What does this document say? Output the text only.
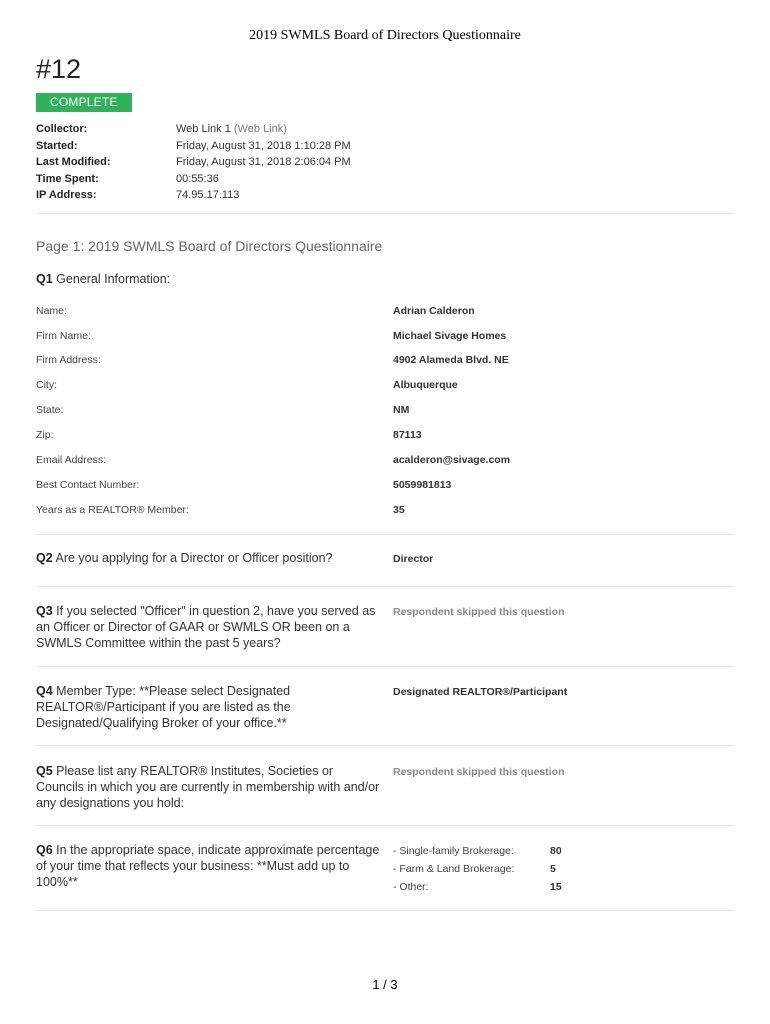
2019 SWMLS Board of Directors Questionnaire
#12
COMPLETE
Collector:	Web Link 1 (Web Link)
Started:	Friday, August 31, 2018 1:10:28 PM
Last Modified:	Friday, August 31, 2018 2:06:04 PM
Time Spent:	00:55:36
IP Address:	74.95.17.113
Page 1: 2019 SWMLS Board of Directors Questionnaire
Q1 General Information:
Name:	Adrian Calderon
Firm Name:	Michael Sivage Homes
Firm Address:	4902 Alameda Blvd. NE
City:	Albuquerque
State:	NM
Zip:	87113
Email Address:	acalderon@sivage.com
Best Contact Number:	5059981813
Years as a REALTOR® Member:	35
Q2 Are you applying for a Director or Officer position?	Director
Q3 If you selected "Officer" in question 2, have you served as an Officer or Director of GAAR or SWMLS OR been on a SWMLS Committee within the past 5 years?
Respondent skipped this question
Q4 Member Type: **Please select Designated REALTOR®/Participant if you are listed as the Designated/Qualifying Broker of your office.**
Designated REALTOR®/Participant
Q5 Please list any REALTOR® Institutes, Societies or Councils in which you are currently in membership with and/or any designations you hold:
Respondent skipped this question
Q6 In the appropriate space, indicate approximate percentage of your time that reflects your business: **Must add up to 100%**
- Single-family Brokerage:	80
- Farm & Land Brokerage:	5
- Other:	15
1 / 3
